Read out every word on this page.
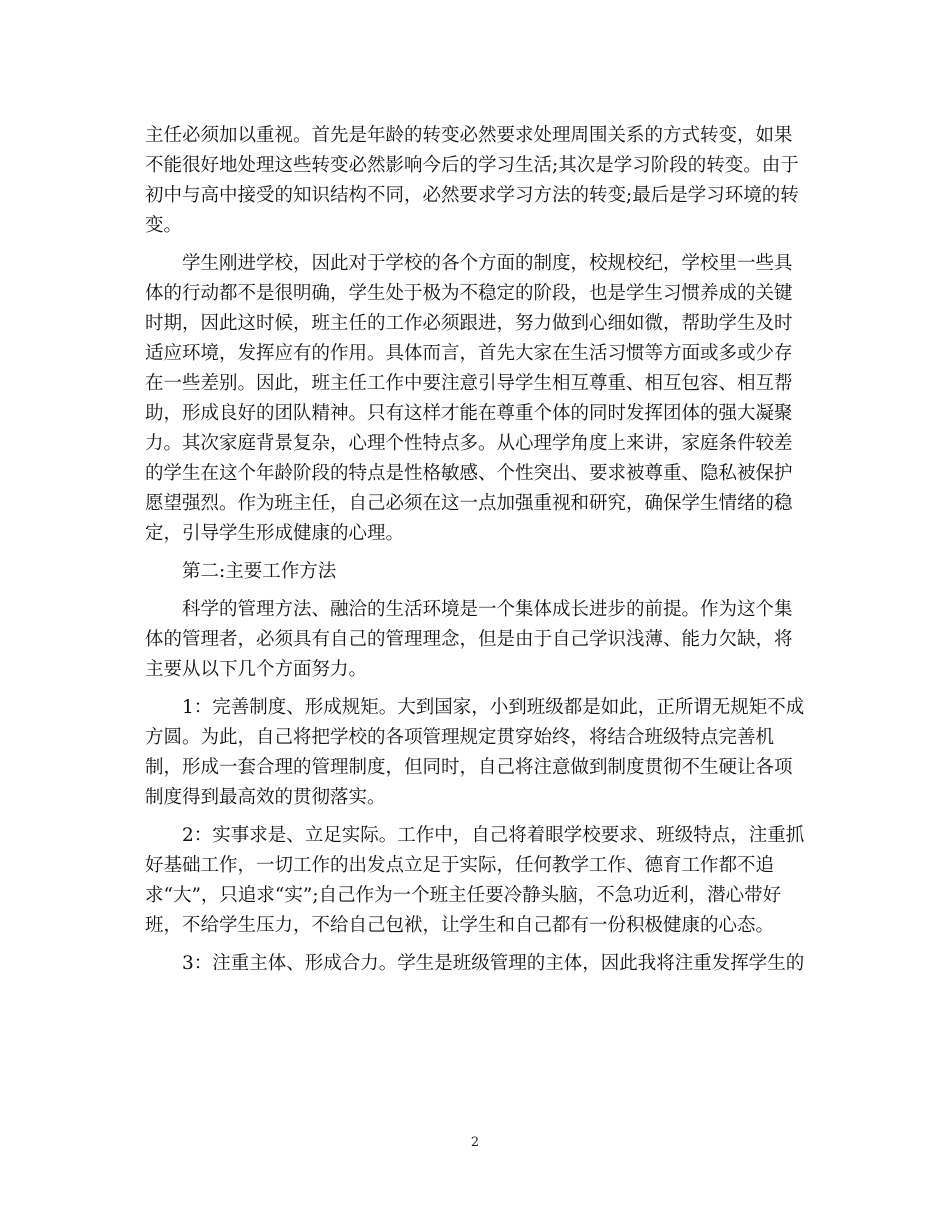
主任必须加以重视。首先是年龄的转变必然要求处理周围关系的方式转变，如果
不能很好地处理这些转变必然影响今后的学习生活;其次是学习阶段的转变。由于
初中与高中接受的知识结构不同，必然要求学习方法的转变;最后是学习环境的转
变。
学生刚进学校，因此对于学校的各个方面的制度，校规校纪，学校里一些具
体的行动都不是很明确，学生处于极为不稳定的阶段，也是学生习惯养成的关键
时期，因此这时候，班主任的工作必须跟进，努力做到心细如微，帮助学生及时
适应环境，发挥应有的作用。具体而言，首先大家在生活习惯等方面或多或少存
在一些差别。因此，班主任工作中要注意引导学生相互尊重、相互包容、相互帮
助，形成良好的团队精神。只有这样才能在尊重个体的同时发挥团体的强大凝聚
力。其次家庭背景复杂，心理个性特点多。从心理学角度上来讲，家庭条件较差
的学生在这个年龄阶段的特点是性格敏感、个性突出、要求被尊重、隐私被保护
愿望强烈。作为班主任，自己必须在这一点加强重视和研究，确保学生情绪的稳
定，引导学生形成健康的心理。
第二:主要工作方法
科学的管理方法、融洽的生活环境是一个集体成长进步的前提。作为这个集
体的管理者，必须具有自己的管理理念，但是由于自己学识浅薄、能力欠缺，将
主要从以下几个方面努力。
1：完善制度、形成规矩。大到国家，小到班级都是如此，正所谓无规矩不成
方圆。为此，自己将把学校的各项管理规定贯穿始终，将结合班级特点完善机
制，形成一套合理的管理制度，但同时，自己将注意做到制度贯彻不生硬让各项
制度得到最高效的贯彻落实。
2：实事求是、立足实际。工作中，自己将着眼学校要求、班级特点，注重抓
好基础工作，一切工作的出发点立足于实际，任何教学工作、德育工作都不追
求“大”，只追求“实”;自己作为一个班主任要冷静头脑，不急功近利，潜心带好
班，不给学生压力，不给自己包袱，让学生和自己都有一份积极健康的心态。
3：注重主体、形成合力。学生是班级管理的主体，因此我将注重发挥学生的
2
